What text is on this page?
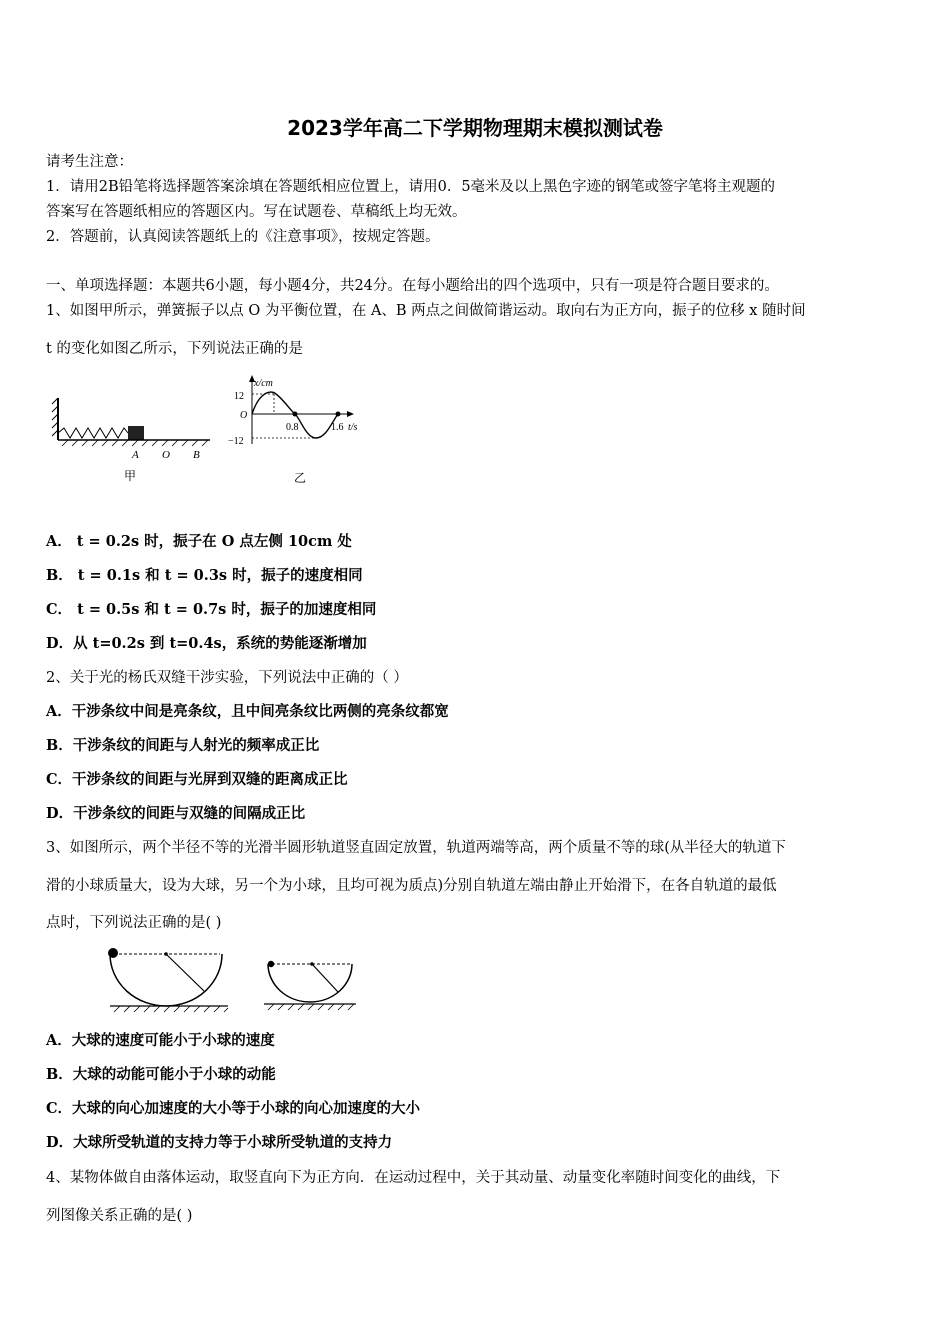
2023学年高二下学期物理期末模拟测试卷
请考生注意：
1．请用2B铅笔将选择题答案涂填在答题纸相应位置上，请用0．5毫米及以上黑色字迹的钢笔或签字笔将主观题的
答案写在答题纸相应的答题区内。写在试题卷、草稿纸上均无效。
2．答题前，认真阅读答题纸上的《注意事项》，按规定答题。
一、单项选择题：本题共6小题，每小题4分，共24分。在每小题给出的四个选项中，只有一项是符合题目要求的。
1、如图甲所示，弹簧振子以点 O 为平衡位置，在 A、B 两点之间做简谐运动。取向右为正方向，振子的位移 x 随时间
t 的变化如图乙所示，下列说法正确的是
A O B
甲
x/cm
12
O
−12
0.8	1.6 t/s
乙
A． t = 0.2s 时，振子在 O 点左侧 10cm 处
B． t = 0.1s 和 t = 0.3s 时，振子的速度相同
C． t = 0.5s 和 t = 0.7s 时，振子的加速度相同
D．从 t=0.2s 到 t=0.4s，系统的势能逐渐增加
2、关于光的杨氏双缝干涉实验，下列说法中正确的（ ）
A．干涉条纹中间是亮条纹，且中间亮条纹比两侧的亮条纹都宽
B．干涉条纹的间距与人射光的频率成正比
C．干涉条纹的间距与光屏到双缝的距离成正比
D．干涉条纹的间距与双缝的间隔成正比
3、如图所示，两个半径不等的光滑半圆形轨道竖直固定放置，轨道两端等高，两个质量不等的球(从半径大的轨道下
滑的小球质量大，设为大球，另一个为小球，且均可视为质点)分别自轨道左端由静止开始滑下，在各自轨道的最低
点时，下列说法正确的是( )
A．大球的速度可能小于小球的速度
B．大球的动能可能小于小球的动能
C．大球的向心加速度的大小等于小球的向心加速度的大小
D．大球所受轨道的支持力等于小球所受轨道的支持力
4、某物体做自由落体运动，取竖直向下为正方向．在运动过程中，关于其动量、动量变化率随时间变化的曲线，下
列图像关系正确的是( )
